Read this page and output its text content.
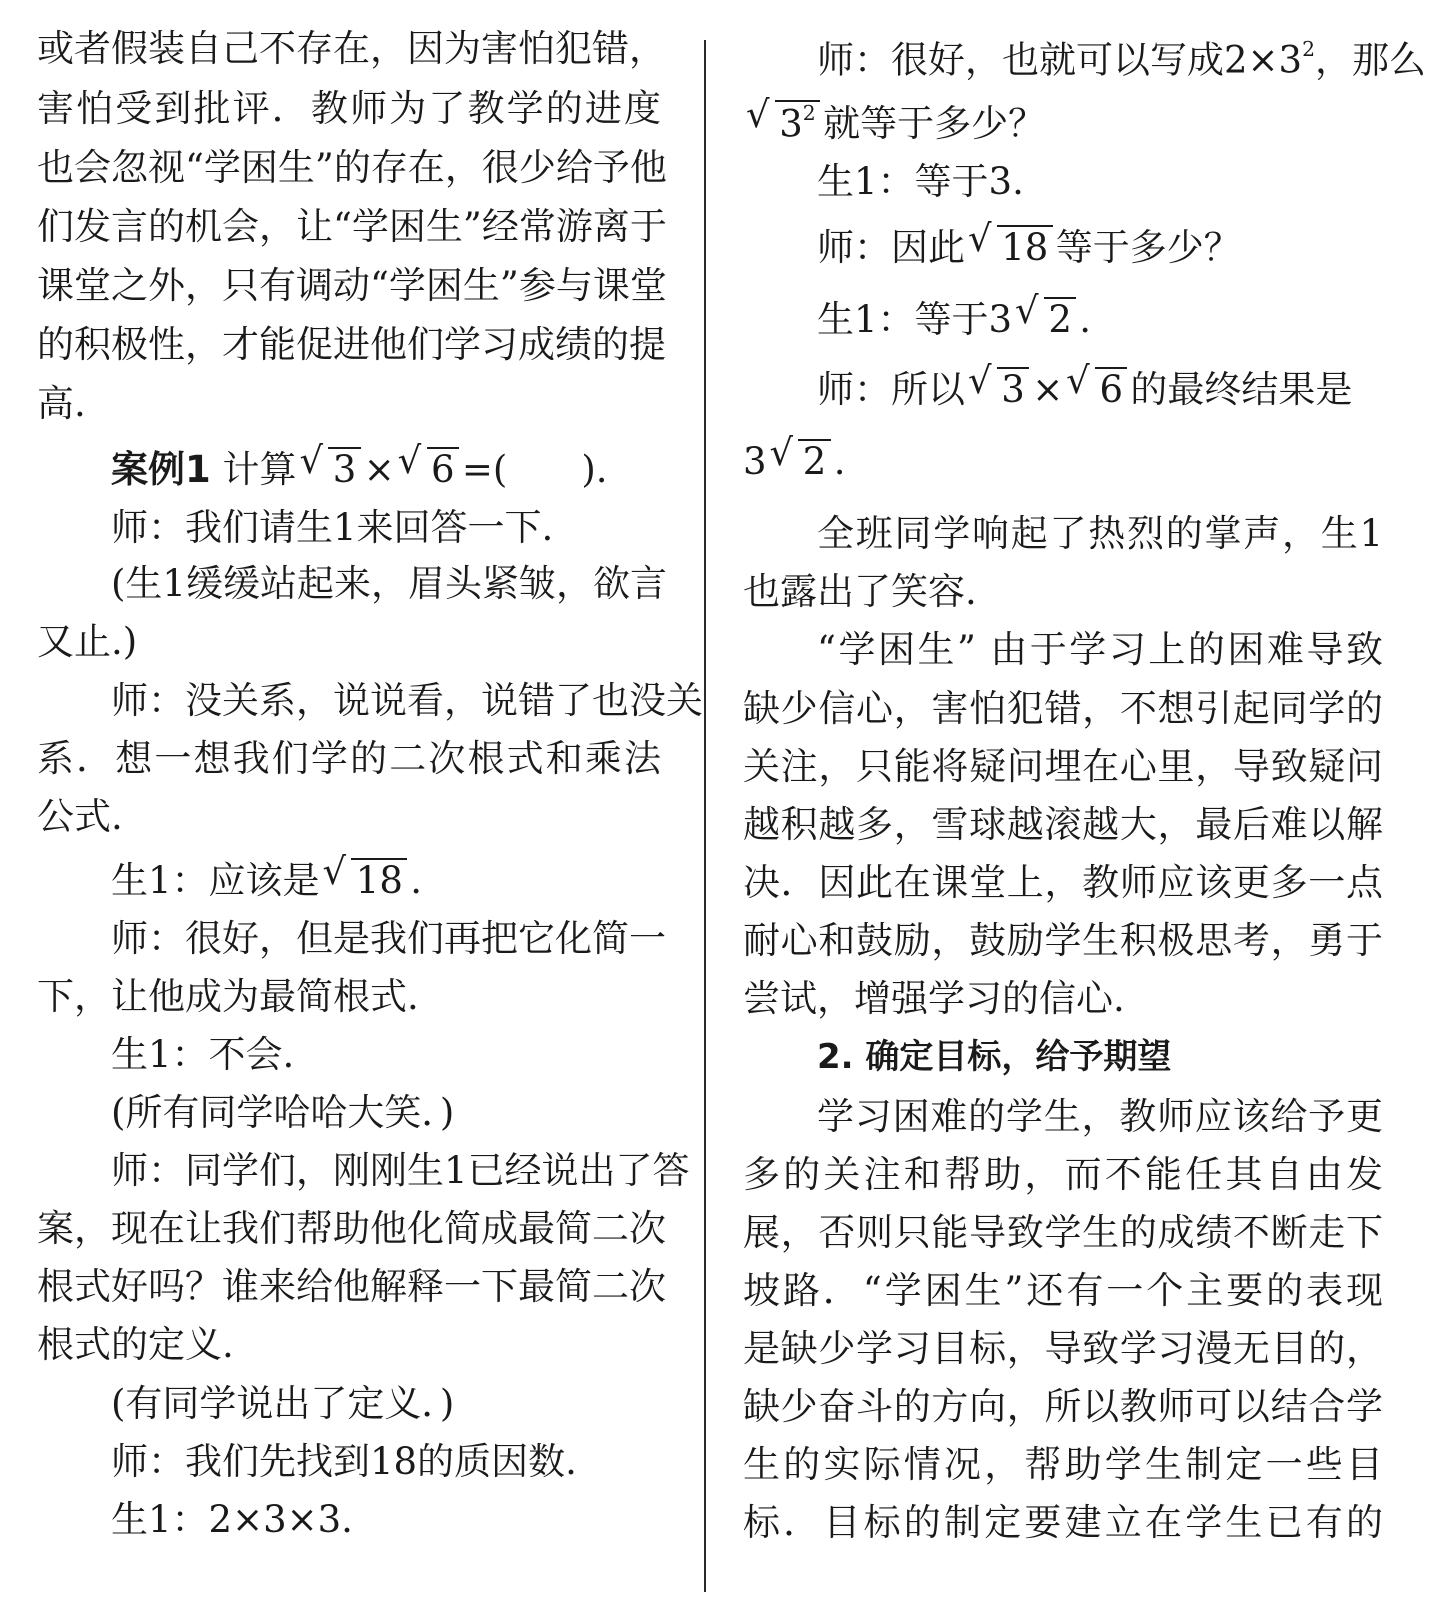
或者假装自己不存在，因为害怕犯错，
害怕受到批评．教师为了教学的进度
也会忽视“学困生”的存在，很少给予他
们发言的机会，让“学困生”经常游离于
课堂之外，只有调动“学困生”参与课堂
的积极性，才能促进他们学习成绩的提
高.
案例1 计算 √ 3 × √ 6 =(　　).
师：我们请生1来回答一下.
(生1缓缓站起来，眉头紧皱，欲言
又止.)
师：没关系，说说看，说错了也没关
系．想一想我们学的二次根式和乘法
公式.
生1：应该是 √ 18 .
师：很好，但是我们再把它化简一
下，让他成为最简根式.
生1：不会.
(所有同学哈哈大笑．)
师：同学们，刚刚生1已经说出了答
案，现在让我们帮助他化简成最简二次
根式好吗？谁来给他解释一下最简二次
根式的定义.
(有同学说出了定义．)
师：我们先找到18的质因数.
生1：2×3×3.
师：很好，也就可以写成$2\times 3^2$，那么
√ $3^2$ 就等于多少？
生1：等于3.
师：因此 √ 18 等于多少？
生1：等于3 √ 2 .
师：所以 √ 3 × √ 6 的最终结果是
3 √ 2 .
全班同学响起了热烈的掌声，生1
也露出了笑容.
“学困生” 由于学习上的困难导致
缺少信心，害怕犯错，不想引起同学的
关注，只能将疑问埋在心里，导致疑问
越积越多，雪球越滚越大，最后难以解
决．因此在课堂上，教师应该更多一点
耐心和鼓励，鼓励学生积极思考，勇于
尝试，增强学习的信心.
2. 确定目标，给予期望
学习困难的学生，教师应该给予更
多的关注和帮助，而不能任其自由发
展，否则只能导致学生的成绩不断走下
坡路．“学困生”还有一个主要的表现
是缺少学习目标，导致学习漫无目的，
缺少奋斗的方向，所以教师可以结合学
生的实际情况，帮助学生制定一些目
标．目标的制定要建立在学生已有的
